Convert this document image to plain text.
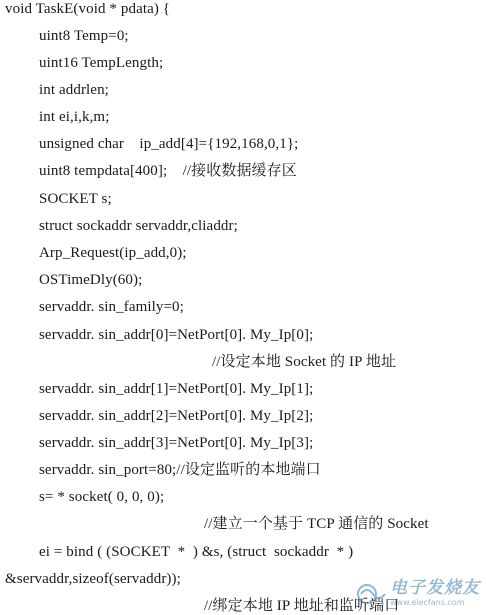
void TaskE(void * pdata) {
uint8 Temp=0;
uint16 TempLength;
int addrlen;
int ei,i,k,m;
unsigned char    ip_add[4]={192,168,0,1};
uint8 tempdata[400];    //接收数据缓存区
SOCKET s;
struct sockaddr servaddr,cliaddr;
Arp_Request(ip_add,0);
OSTimeDly(60);
servaddr. sin_family=0;
servaddr. sin_addr[0]=NetPort[0]. My_Ip[0];
//设定本地 Socket 的 IP 地址
servaddr. sin_addr[1]=NetPort[0]. My_Ip[1];
servaddr. sin_addr[2]=NetPort[0]. My_Ip[2];
servaddr. sin_addr[3]=NetPort[0]. My_Ip[3];
servaddr. sin_port=80;//设定监听的本地端口
s= * socket( 0, 0, 0);
//建立一个基于 TCP 通信的 Socket
ei = bind ( (SOCKET  *  ) &s, (struct  sockaddr  * )
&servaddr,sizeof(servaddr));
//绑定本地 IP 地址和监听端口
电子发烧友
www.elecfans.com
